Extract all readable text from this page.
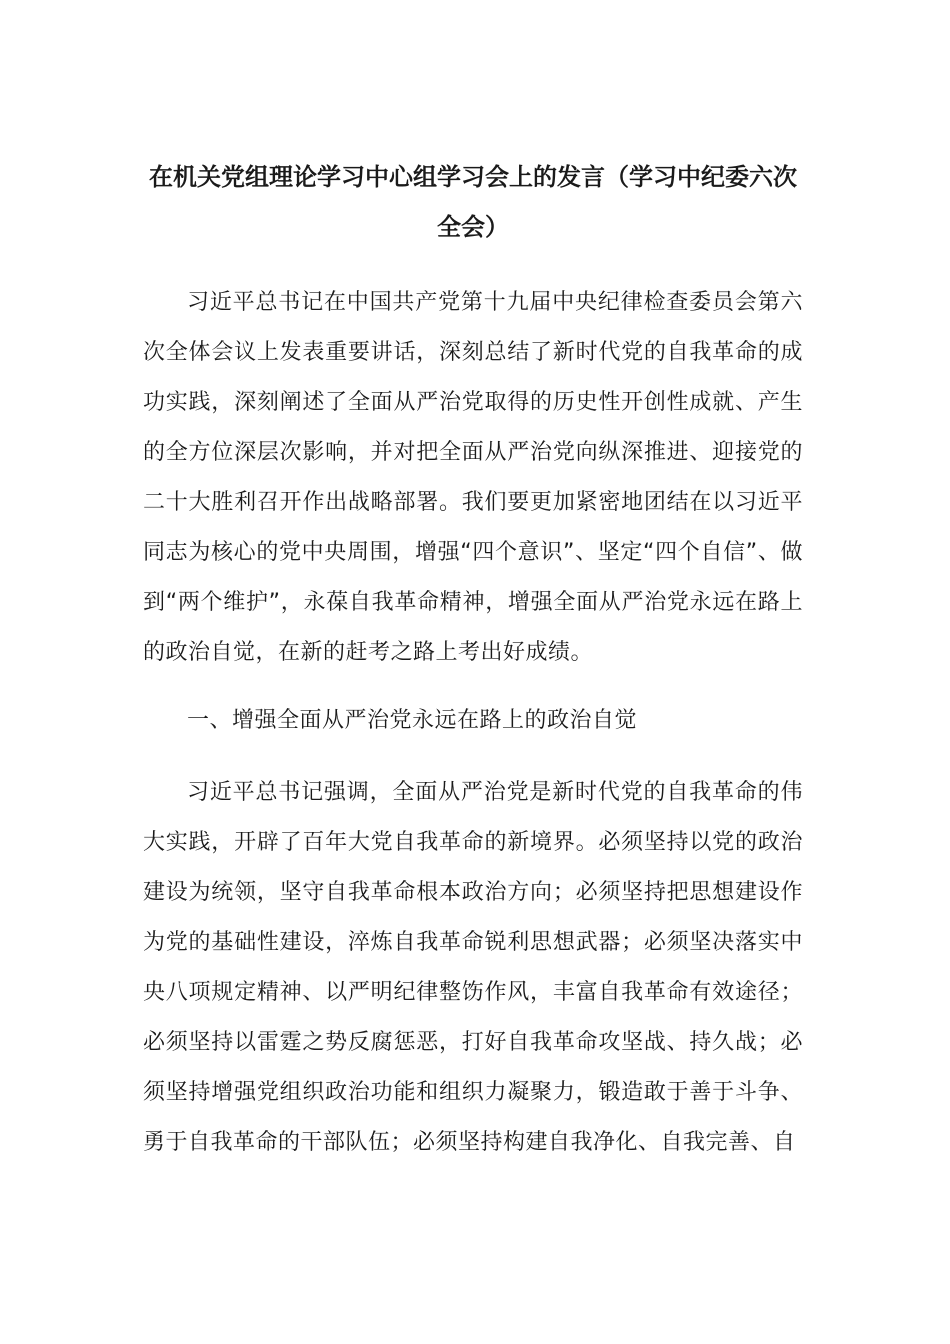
在机关党组理论学习中心组学习会上的发言（学习中纪委六次全会）

习近平总书记在中国共产党第十九届中央纪律检查委员会第六次全体会议上发表重要讲话，深刻总结了新时代党的自我革命的成功实践，深刻阐述了全面从严治党取得的历史性开创性成就、产生的全方位深层次影响，并对把全面从严治党向纵深推进、迎接党的二十大胜利召开作出战略部署。我们要更加紧密地团结在以习近平同志为核心的党中央周围，增强“四个意识”、坚定“四个自信”、做到“两个维护”，永葆自我革命精神，增强全面从严治党永远在路上的政治自觉，在新的赶考之路上考出好成绩。

一、增强全面从严治党永远在路上的政治自觉

习近平总书记强调，全面从严治党是新时代党的自我革命的伟大实践，开辟了百年大党自我革命的新境界。必须坚持以党的政治建设为统领，坚守自我革命根本政治方向；必须坚持把思想建设作为党的基础性建设，淬炼自我革命锐利思想武器；必须坚决落实中央八项规定精神、以严明纪律整饬作风，丰富自我革命有效途径；必须坚持以雷霆之势反腐惩恶，打好自我革命攻坚战、持久战；必须坚持增强党组织政治功能和组织力凝聚力，锻造敢于善于斗争、勇于自我革命的干部队伍；必须坚持构建自我净化、自我完善、自
